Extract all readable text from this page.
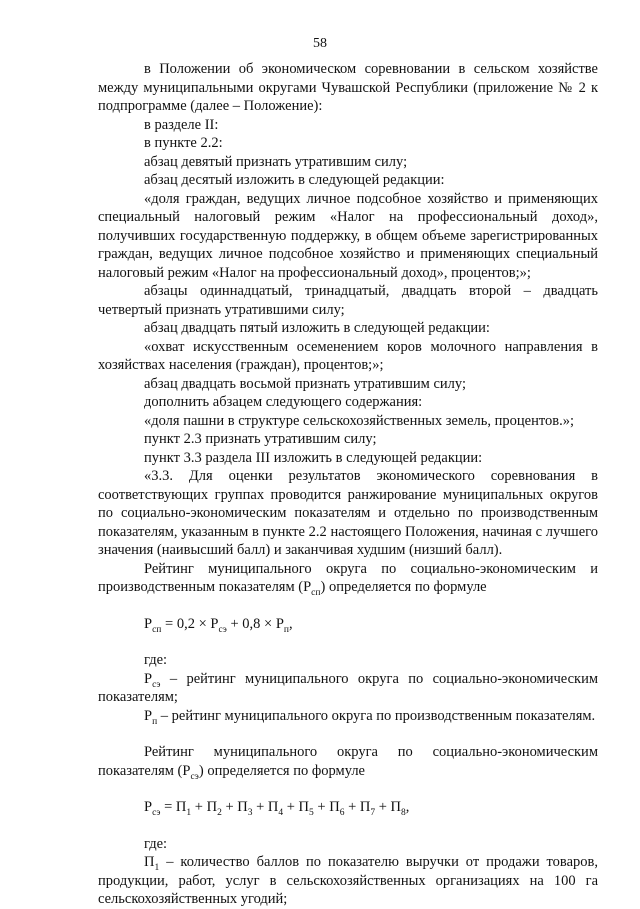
58

в Положении об экономическом соревновании в сельском хозяйстве между муниципальными округами Чувашской Республики (приложение № 2 к подпрограмме (далее – Положение):

в разделе II:

в пункте 2.2:

абзац девятый признать утратившим силу;

абзац десятый изложить в следующей редакции:

«доля граждан, ведущих личное подсобное хозяйство и применяющих специальный налоговый режим «Налог на профессиональный доход», получивших государственную поддержку, в общем объеме зарегистрированных граждан, ведущих личное подсобное хозяйство и применяющих специальный налоговый режим «Налог на профессиональный доход», процентов;»;

абзацы одиннадцатый, тринадцатый, двадцать второй – двадцать четвертый признать утратившими силу;

абзац двадцать пятый изложить в следующей редакции:

«охват искусственным осеменением коров молочного направления в хозяйствах населения (граждан), процентов;»;

абзац двадцать восьмой признать утратившим силу;

дополнить абзацем следующего содержания:

«доля пашни в структуре сельскохозяйственных земель, процентов.»;

пункт 2.3 признать утратившим силу;

пункт 3.3 раздела III изложить в следующей редакции:

«3.3. Для оценки результатов экономического соревнования в соответствующих группах проводится ранжирование муниципальных округов по социально-экономическим показателям и отдельно по производственным показателям, указанным в пункте 2.2 настоящего Положения, начиная с лучшего значения (наивысший балл) и заканчивая худшим (низший балл).

Рейтинг муниципального округа по социально-экономическим и производственным показателям $(Р_{сп})$ определяется по формуле

$Р_{сп} = 0,2 \times Р_{сэ} + 0,8 \times Р_п$,

где:

$Р_{сэ}$ – рейтинг муниципального округа по социально-экономическим показателям;

$Р_п$ – рейтинг муниципального округа по производственным показателям.

Рейтинг муниципального округа по социально-экономическим показателям $(Р_{сэ})$ определяется по формуле

$Р_{сэ} = П_1 + П_2 + П_3 + П_4 + П_5 + П_6 + П_7 + П_8$,

где:

$П_1$ – количество баллов по показателю выручки от продажи товаров, продукции, работ, услуг в сельскохозяйственных организациях на 100 га сельскохозяйственных угодий;
